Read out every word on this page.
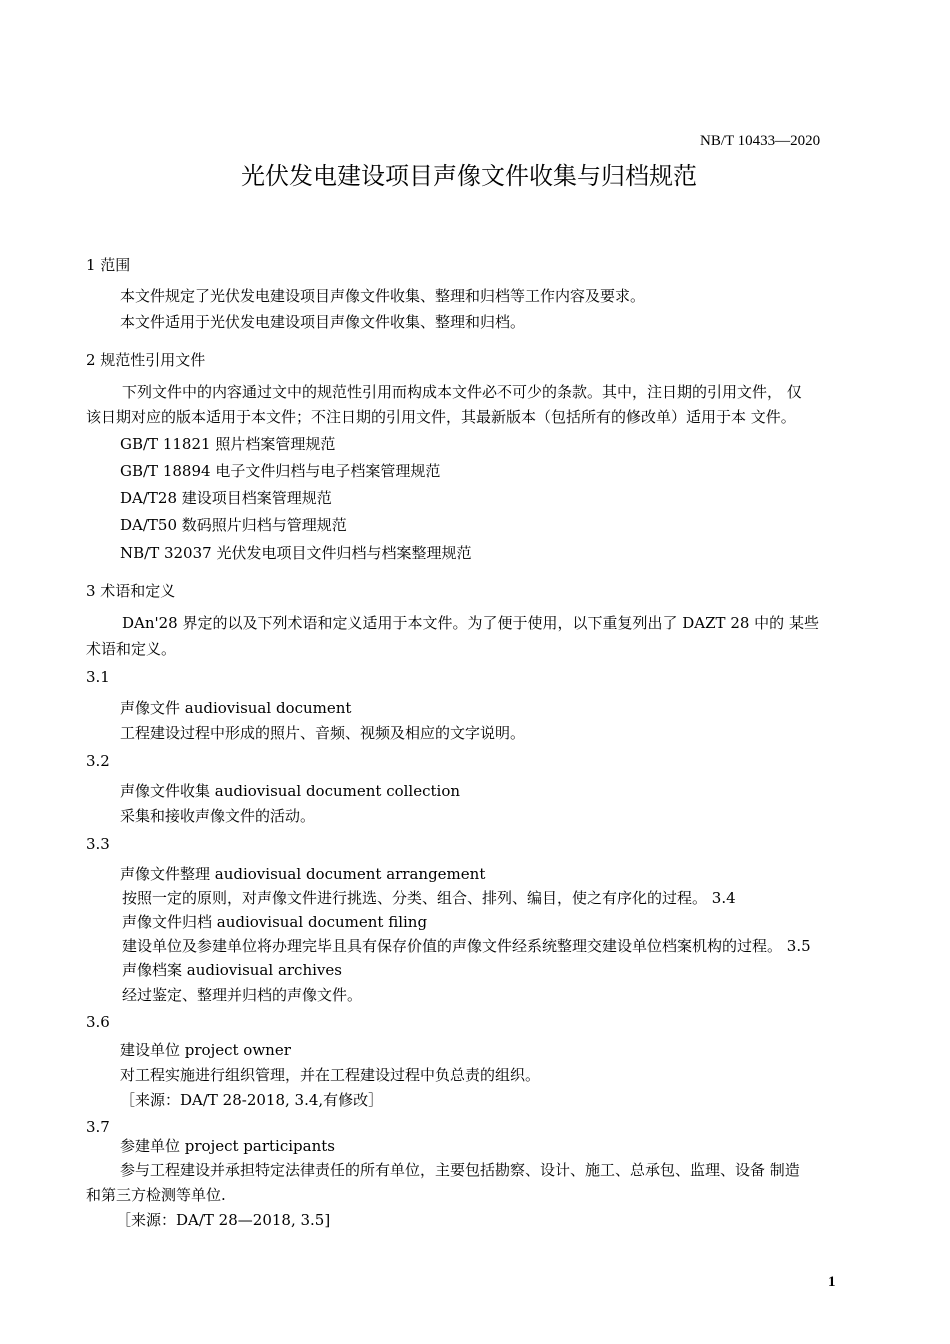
NB/T 10433—2020
光伏发电建设项目声像文件收集与归档规范
1 范围
本文件规定了光伏发电建设项目声像文件收集、整理和归档等工作内容及要求。
本文件适用于光伏发电建设项目声像文件收集、整理和归档。
2 规范性引用文件
下列文件中的内容通过文中的规范性引用而构成本文件必不可少的条款。其中，注日期的引用文件， 仅
该日期对应的版本适用于本文件；不注日期的引用文件，其最新版本（包括所有的修改单）适用于本 文件。
GB/T 11821 照片档案管理规范
GB/T 18894 电子文件归档与电子档案管理规范
DA/T28 建设项目档案管理规范
DA/T50 数码照片归档与管理规范
NB/T 32037 光伏发电项目文件归档与档案整理规范
3 术语和定义
DAn'28 界定的以及下列术语和定义适用于本文件。为了便于使用，以下重复列出了 DAZT 28 中的 某些
术语和定义。
3.1
声像文件 audiovisual document
工程建设过程中形成的照片、音频、视频及相应的文字说明。
3.2
声像文件收集 audiovisual document collection
采集和接收声像文件的活动。
3.3
声像文件整理 audiovisual document arrangement
按照一定的原则，对声像文件进行挑选、分类、组合、排列、编目，使之有序化的过程。 3.4
声像文件归档 audiovisual document filing
建设单位及参建单位将办理完毕且具有保存价值的声像文件经系统整理交建设单位档案机构的过程。 3.5
声像档案 audiovisual archives
经过鉴定、整理并归档的声像文件。
3.6
建设单位 project owner
对工程实施进行组织管理，并在工程建设过程中负总责的组织。
［来源：DA/T 28-2018, 3.4,有修改］
3.7
参建单位 project participants
参与工程建设并承担特定法律责任的所有单位，主要包括勘察、设计、施工、总承包、监理、设备 制造
和第三方检测等单位.
［来源：DA/T 28—2018, 3.5]
1
